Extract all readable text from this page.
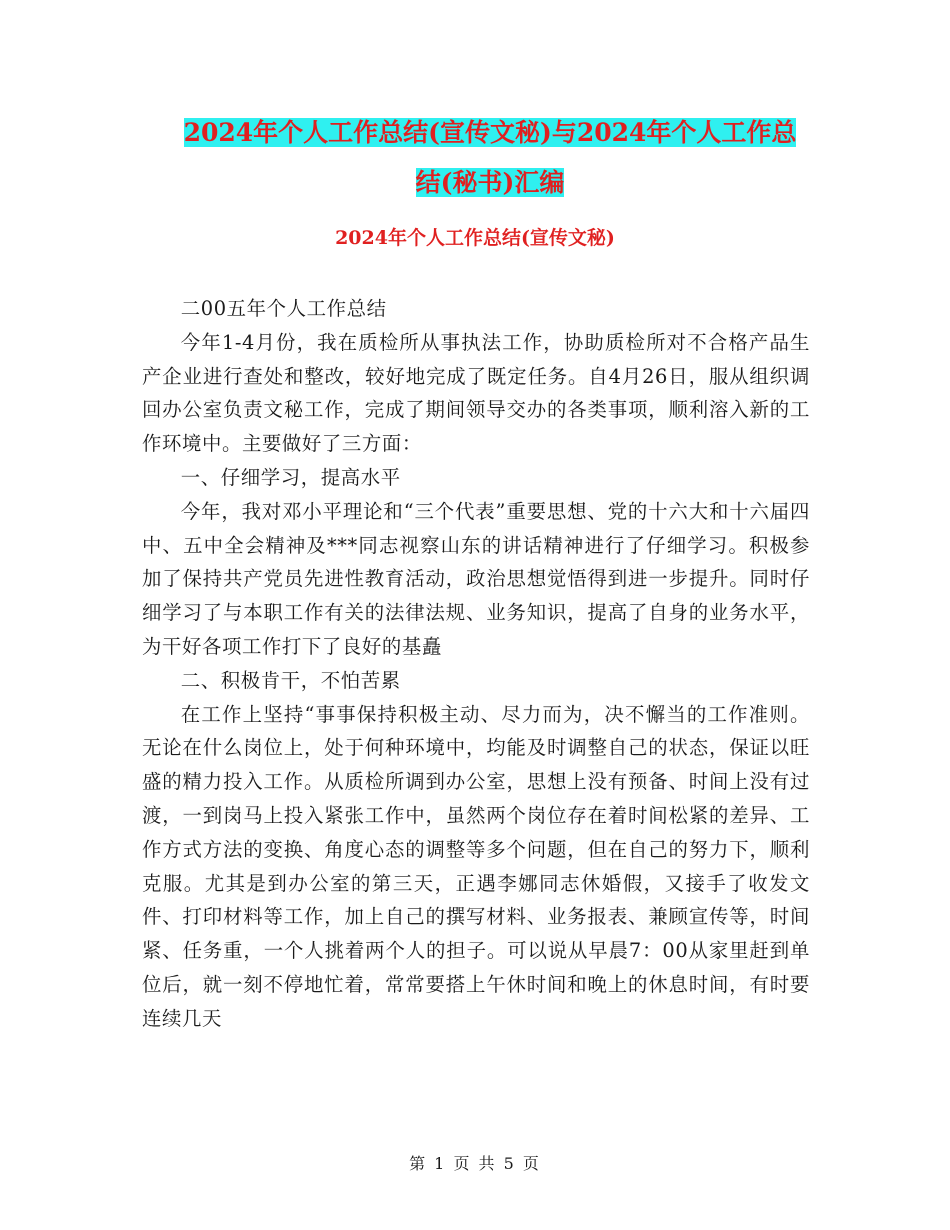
2024年个人工作总结(宣传文秘)与2024年个人工作总
结(秘书)汇编
2024年个人工作总结(宣传文秘)

二00五年个人工作总结

今年1-4月份，我在质检所从事执法工作，协助质检所对不合格产品生产企业进行查处和整改，较好地完成了既定任务。自4月26日，服从组织调回办公室负责文秘工作，完成了期间领导交办的各类事项，顺利溶入新的工作环境中。主要做好了三方面：

一、仔细学习，提高水平

今年，我对邓小平理论和“三个代表”重要思想、党的十六大和十六届四中、五中全会精神及***同志视察山东的讲话精神进行了仔细学习。积极参加了保持共产党员先进性教育活动，政治思想觉悟得到进一步提升。同时仔细学习了与本职工作有关的法律法规、业务知识，提高了自身的业务水平，为干好各项工作打下了良好的基矗

二、积极肯干，不怕苦累

在工作上坚持“事事保持积极主动、尽力而为，决不懈当的工作准则。无论在什么岗位上，处于何种环境中，均能及时调整自己的状态，保证以旺盛的精力投入工作。从质检所调到办公室，思想上没有预备、时间上没有过渡，一到岗马上投入紧张工作中，虽然两个岗位存在着时间松紧的差异、工作方式方法的变换、角度心态的调整等多个问题，但在自己的努力下，顺利克服。尤其是到办公室的第三天，正遇李娜同志休婚假，又接手了收发文件、打印材料等工作，加上自己的撰写材料、业务报表、兼顾宣传等，时间紧、任务重，一个人挑着两个人的担子。可以说从早晨7：00从家里赶到单位后，就一刻不停地忙着，常常要搭上午休时间和晚上的休息时间，有时要连续几天

第 1 页 共 5 页
